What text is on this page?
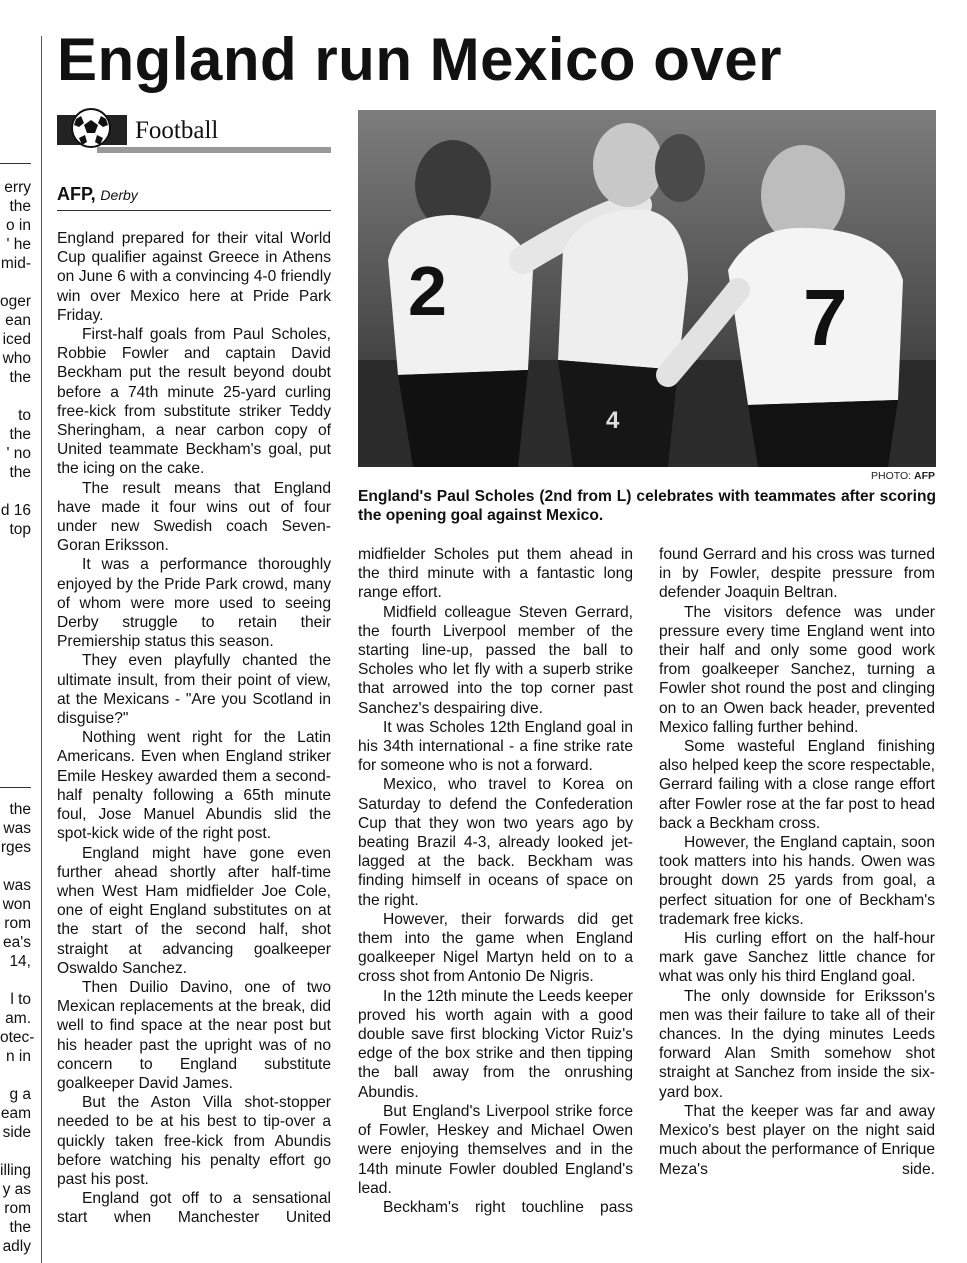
erry

the

o in

' he

mid-

oger

ean

iced

who

the

to

the

' no

the

d 16

top

the

was

rges

was

won

rom

ea's

14,

l to

am.

otec-

n in

g a

eam

side

illing

y as

rom

the

adly

England run Mexico over
Football
AFP, Derby
2
4
7
PHOTO: AFP
England's Paul Scholes (2nd from L) celebrates with teammates after scoring the opening goal against Mexico.

England prepared for their vital World Cup qualifier against Greece in Athens on June 6 with a convincing 4-0 friendly win over Mexico here at Pride Park Friday.

First-half goals from Paul Scholes, Robbie Fowler and captain David Beckham put the result beyond doubt before a 74th minute 25-yard curling free-kick from substitute striker Teddy Sheringham, a near carbon copy of United teammate Beckham's goal, put the icing on the cake.

The result means that England have made it four wins out of four under new Swedish coach Seven-Goran Eriksson.

It was a performance thoroughly enjoyed by the Pride Park crowd, many of whom were more used to seeing Derby struggle to retain their Premiership status this season.

They even playfully chanted the ultimate insult, from their point of view, at the Mexicans - "Are you Scotland in disguise?"

Nothing went right for the Latin Americans. Even when England striker Emile Heskey awarded them a second-half penalty following a 65th minute foul, Jose Manuel Abundis slid the spot-kick wide of the right post.

England might have gone even further ahead shortly after half-time when West Ham midfielder Joe Cole, one of eight England substitutes on at the start of the second half, shot straight at advancing goalkeeper Oswaldo Sanchez.

Then Duilio Davino, one of two Mexican replacements at the break, did well to find space at the near post but his header past the upright was of no concern to England substitute goalkeeper David James.

But the Aston Villa shot-stopper needed to be at his best to tip-over a quickly taken free-kick from Abundis before watching his penalty effort go past his post.

England got off to a sensational start when Manchester United

midfielder Scholes put them ahead in the third minute with a fantastic long range effort.

Midfield colleague Steven Gerrard, the fourth Liverpool member of the starting line-up, passed the ball to Scholes who let fly with a superb strike that arrowed into the top corner past Sanchez's despairing dive.

It was Scholes 12th England goal in his 34th international - a fine strike rate for someone who is not a forward.

Mexico, who travel to Korea on Saturday to defend the Confederation Cup that they won two years ago by beating Brazil 4-3, already looked jet-lagged at the back. Beckham was finding himself in oceans of space on the right.

However, their forwards did get them into the game when England goalkeeper Nigel Martyn held on to a cross shot from Antonio De Nigris.

In the 12th minute the Leeds keeper proved his worth again with a good double save first blocking Victor Ruiz's edge of the box strike and then tipping the ball away from the onrushing Abundis.

But England's Liverpool strike force of Fowler, Heskey and Michael Owen were enjoying themselves and in the 14th minute Fowler doubled England's lead.

Beckham's right touchline pass

found Gerrard and his cross was turned in by Fowler, despite pressure from defender Joaquin Beltran.

The visitors defence was under pressure every time England went into their half and only some good work from goalkeeper Sanchez, turning a Fowler shot round the post and clinging on to an Owen back header, prevented Mexico falling further behind.

Some wasteful England finishing also helped keep the score respectable, Gerrard failing with a close range effort after Fowler rose at the far post to head back a Beckham cross.

However, the England captain, soon took matters into his hands. Owen was brought down 25 yards from goal, a perfect situation for one of Beckham's trademark free kicks.

His curling effort on the half-hour mark gave Sanchez little chance for what was only his third England goal.

The only downside for Eriksson's men was their failure to take all of their chances. In the dying minutes Leeds forward Alan Smith somehow shot straight at Sanchez from inside the six-yard box.

That the keeper was far and away Mexico's best player on the night said much about the performance of Enrique Meza's side.
